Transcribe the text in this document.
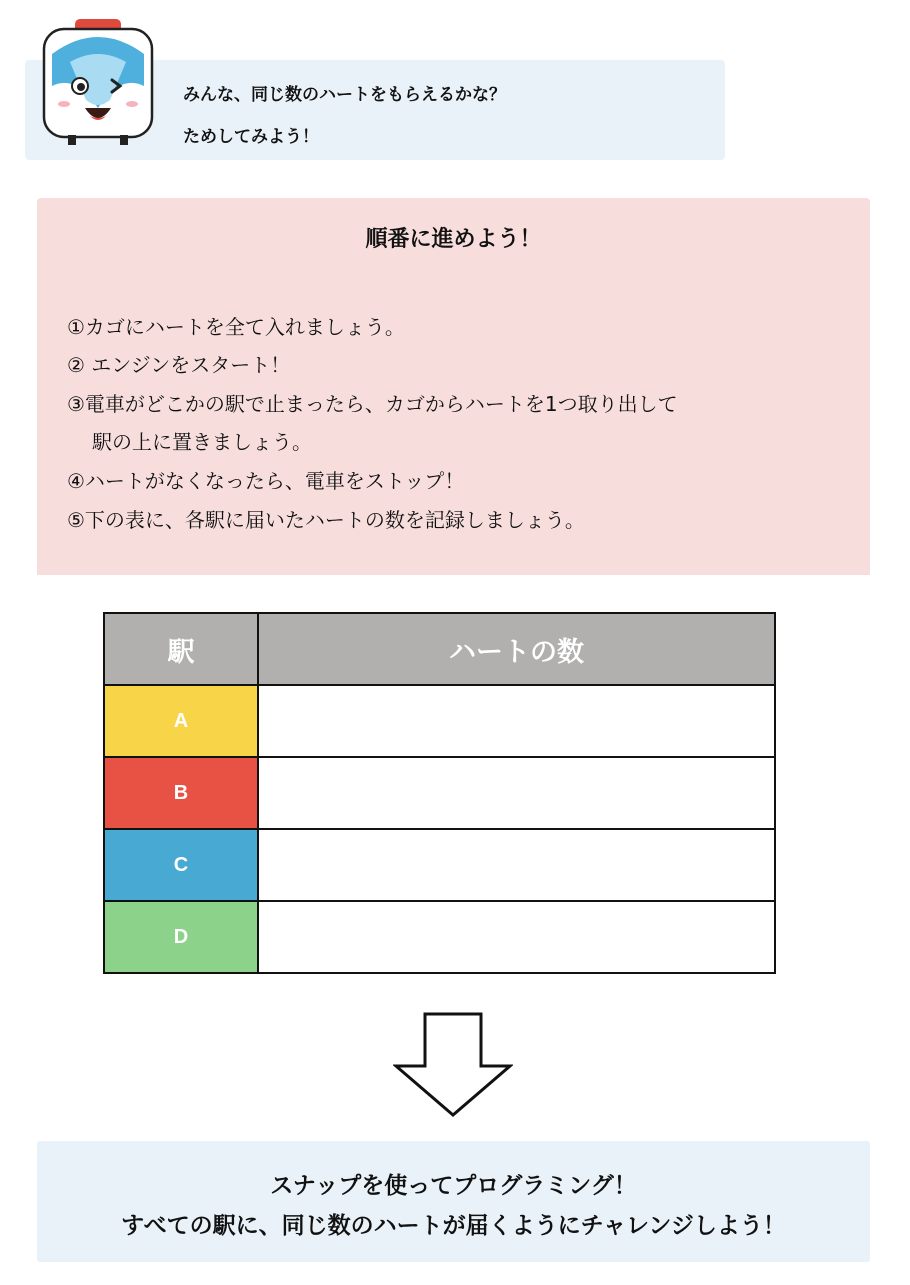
みんな、同じ数のハートをもらえるかな？
ためしてみよう！
順番に進めよう！
①カゴにハートを全て入れましょう。
② エンジンをスタート！
③電車がどこかの駅で止まったら、カゴからハートを1つ取り出して
駅の上に置きましょう。
④ハートがなくなったら、電車をストップ！
⑤下の表に、各駅に届いたハートの数を記録しましょう。
駅	ハートの数
A	
B	
C	
D	
スナップを使ってプログラミング！
すべての駅に、同じ数のハートが届くようにチャレンジしよう！
